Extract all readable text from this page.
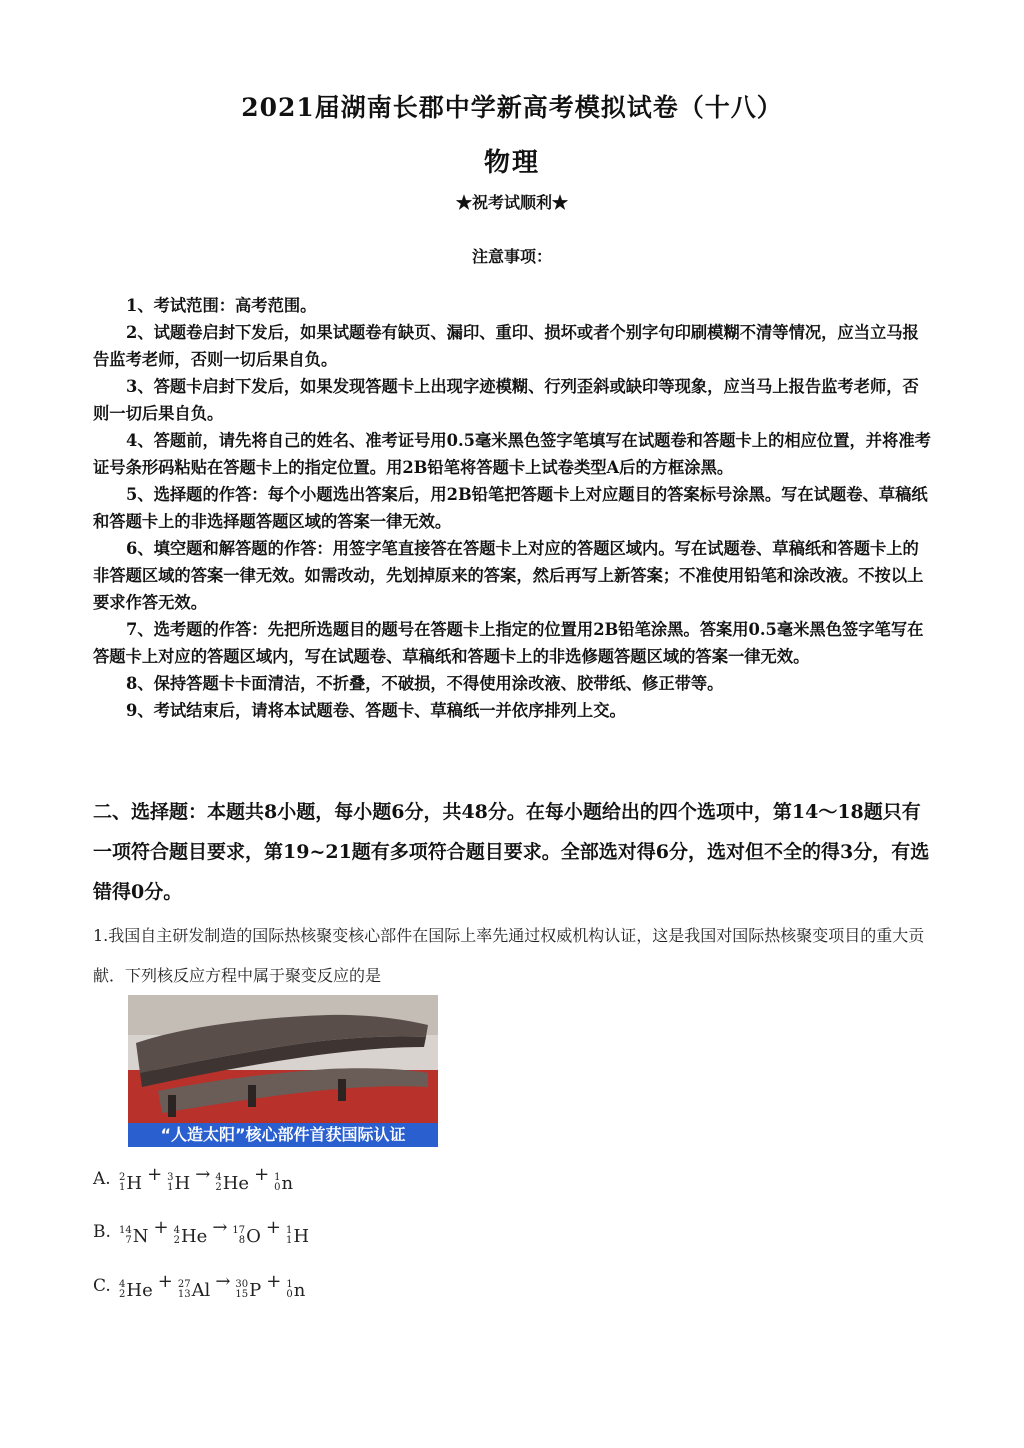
2021届湖南长郡中学新高考模拟试卷（十八）
物理
★祝考试顺利★
注意事项：

1、考试范围：高考范围。

2、试题卷启封下发后，如果试题卷有缺页、漏印、重印、损坏或者个别字句印刷模糊不清等情况，应当立马报告监考老师，否则一切后果自负。

3、答题卡启封下发后，如果发现答题卡上出现字迹模糊、行列歪斜或缺印等现象，应当马上报告监考老师，否则一切后果自负。

4、答题前，请先将自己的姓名、准考证号用0.5毫米黑色签字笔填写在试题卷和答题卡上的相应位置，并将准考证号条形码粘贴在答题卡上的指定位置。用2B铅笔将答题卡上试卷类型A后的方框涂黑。

5、选择题的作答：每个小题选出答案后，用2B铅笔把答题卡上对应题目的答案标号涂黑。写在试题卷、草稿纸和答题卡上的非选择题答题区域的答案一律无效。

6、填空题和解答题的作答：用签字笔直接答在答题卡上对应的答题区域内。写在试题卷、草稿纸和答题卡上的非答题区域的答案一律无效。如需改动，先划掉原来的答案，然后再写上新答案；不准使用铅笔和涂改液。不按以上要求作答无效。

7、选考题的作答：先把所选题目的题号在答题卡上指定的位置用2B铅笔涂黑。答案用0.5毫米黑色签字笔写在答题卡上对应的答题区域内，写在试题卷、草稿纸和答题卡上的非选修题答题区域的答案一律无效。

8、保持答题卡卡面清洁，不折叠，不破损，不得使用涂改液、胶带纸、修正带等。

9、考试结束后，请将本试题卷、答题卡、草稿纸一并依序排列上交。

二、选择题：本题共8小题，每小题6分，共48分。在每小题给出的四个选项中，第14～18题只有一项符合题目要求，第19~21题有多项符合题目要求。全部选对得6分，选对但不全的得3分，有选错得0分。

1.我国自主研发制造的国际热核聚变核心部件在国际上率先通过权威机构认证，这是我国对国际热核聚变项目的重大贡献．下列核反应方程中属于聚变反应的是

“人造太阳”核心部件首获国际认证
A. 2
1 H + 3
1 H → 4
2 He + 1
0 n
B. 14
7 N + 4
2 He → 17
8 O + 1
1 H
C. 4
2 He + 27
13 Al → 30
15 P + 1
0 n
